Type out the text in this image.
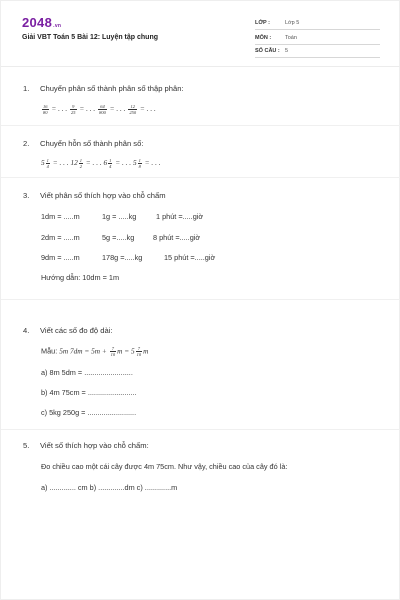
2048.vn
Giải VBT Toán 5 Bài 12: Luyện tập chung
LỚP :	Lớp 5
MÔN :	Toán
SỐ CÂU : 5
1. Chuyển phân số thành phân số thập phân:
$\frac{16}{80}$ = . . . $\frac{9}{25}$ = . . . $\frac{64}{800}$ = . . . $\frac{12}{250}$ = . . .
2. Chuyển hỗn số thành phân số:
$5 \frac{1}{4}$ = . . . $12 \frac{1}{2}$ = . . . $6 \frac{1}{4}$ = . . . $5 \frac{1}{8}$ = . . .
3. Viết phân số thích hợp vào chỗ chấm
1dm = .....m	1g = .....kg	1 phút =.....giờ
2dm = .....m	5g =.....kg	8 phút =.....giờ
9dm = .....m	178g =.....kg	15 phút =.....giờ
Hướng dẫn: 10dm = 1m
4. Viết các số đo độ dài:
Mẫu: 5m $7dm = 5m + \frac{7}{10}$ $m = 5 \frac{7}{10}$ m
a) 8m 5dm = ........................
b) 4m 75cm = ........................
c) 5kg 250g = ........................
5. Viết số thích hợp vào chỗ chấm:
Đo chiều cao một cái cây được 4m 75cm. Như vậy, chiều cao của cây đó là:
a) ............. cm b) .............dm c) .............m
